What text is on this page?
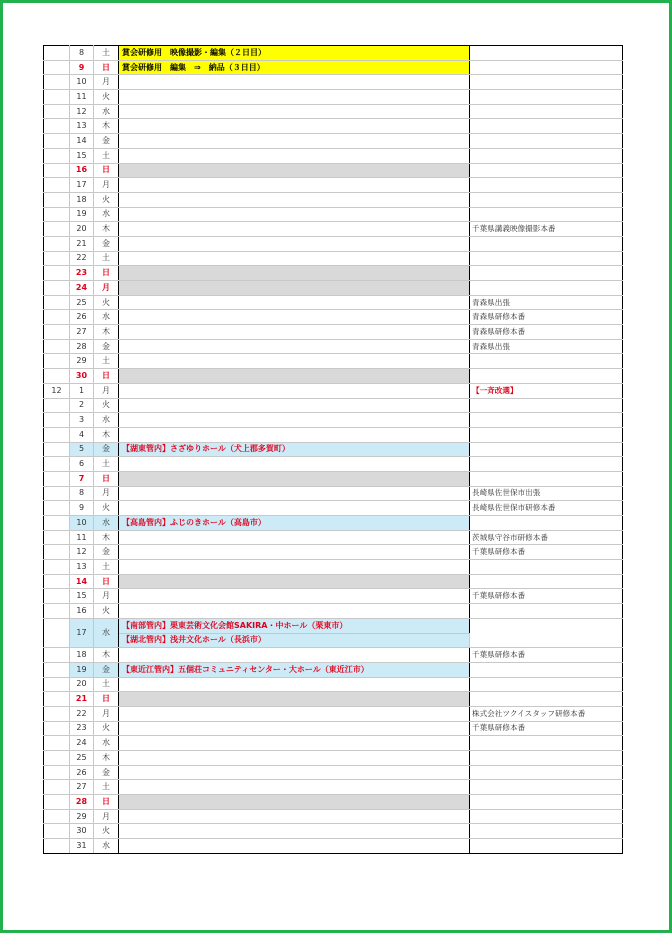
	8	土	賞会研修用　映像撮影・編集（２日目）	
	9	日	賞会研修用　編集　⇒　納品（３日目）	
	10	月		
	11	火		
	12	水		
	13	木		
	14	金		
	15	土		
	16	日		
	17	月		
	18	火		
	19	水		
	20	木		千葉県講義映像撮影本番
	21	金		
	22	土		
	23	日		
	24	月		
	25	火		青森県出張
	26	水		青森県研修本番
	27	木		青森県研修本番
	28	金		青森県出張
	29	土		
	30	日		
12	1	月		【一斉改選】
	2	火		
	3	水		
	4	木		
	5	金	【湖東管内】さざゆりホール（犬上郡多賀町）	
	6	土		
	7	日		
	8	月		長崎県佐世保市出張
	9	火		長崎県佐世保市研修本番
	10	水	【高島管内】ふじのきホール（高島市）	
	11	木		茨城県守谷市研修本番
	12	金		千葉県研修本番
	13	土		
	14	日		
	15	月		千葉県研修本番
	16	火		
	17	水	【南部管内】栗東芸術文化会館SAKIRA・中ホール（栗東市）	
			【湖北管内】浅井文化ホール（長浜市）	
	18	木		千葉県研修本番
	19	金	【東近江管内】五個荘コミュニティセンター・大ホール（東近江市）	
	20	土		
	21	日		
	22	月		株式会社ツクイスタッフ研修本番
	23	火		千葉県研修本番
	24	水		
	25	木		
	26	金		
	27	土		
	28	日		
	29	月		
	30	火		
	31	水		
